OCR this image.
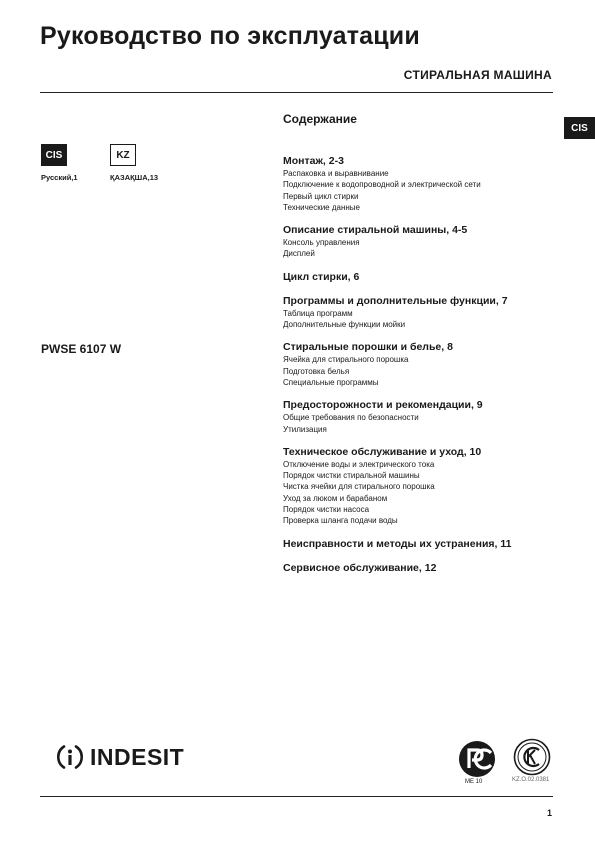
Руководство по эксплуатации
СТИРАЛЬНАЯ МАШИНА
CIS	KZ
Русский,1	ҚАЗАҚША,13
CIS
PWSE 6107 W
Содержание
Монтаж, 2-3
Распаковка и выравнивание
Подключение к водопроводной и электрической сети
Первый цикл стирки
Технические данные
Описание стиральной машины, 4-5
Консоль управления
Дисплей
Цикл стирки, 6
Программы и дополнительные функции, 7
Таблица программ
Дополнительные функции мойки
Стиральные порошки и белье, 8
Ячейка для стирального порошка
Подготовка белья
Специальные программы
Предосторожности и рекомендации, 9
Общие требования по безопасности
Утилизация
Техническое обслуживание и уход, 10
Отключение воды и электрического тока
Порядок чистки стиральной машины
Чистка ячейки для стирального порошка
Уход за люком и барабаном
Порядок чистки насоса
Проверка шланга подачи воды
Неисправности и методы их устранения, 11
Сервисное обслуживание, 12
INDESIT
ME 10	KZ.O.02.0381
1
